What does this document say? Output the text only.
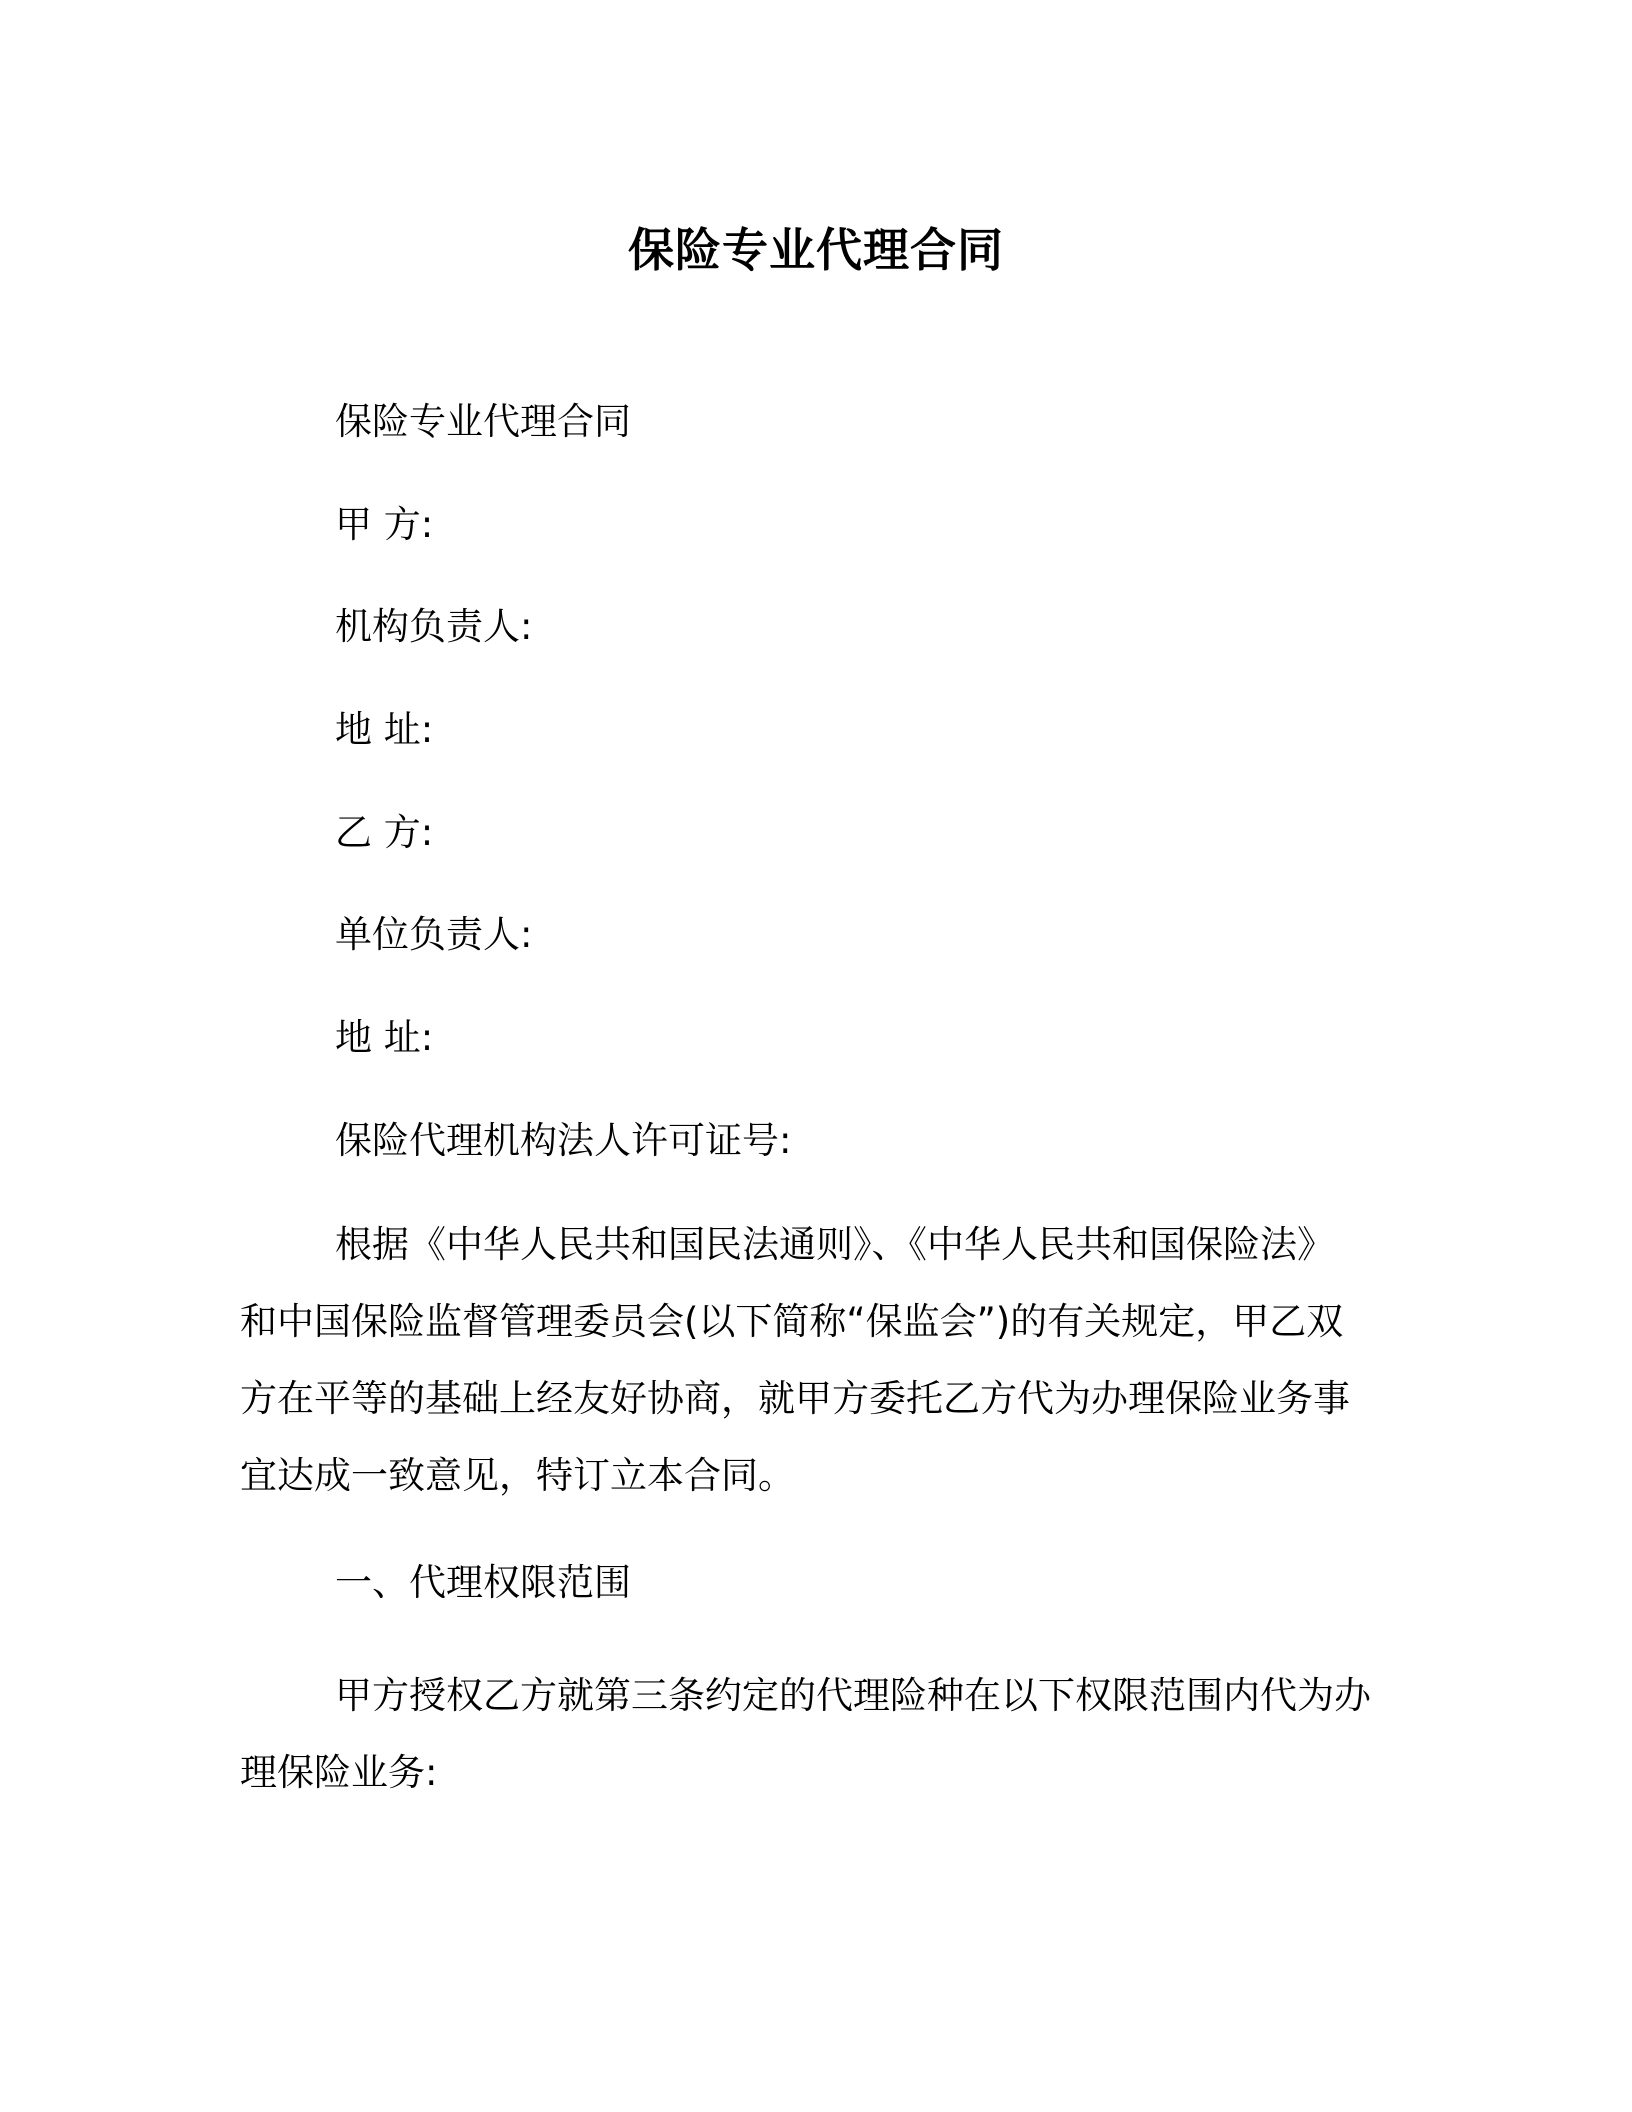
保险专业代理合同
保险专业代理合同
甲 方:
机构负责人:
地 址:
乙 方:
单位负责人:
地 址:
保险代理机构法人许可证号:
根据《中华人民共和国民法通则》、《中华人民共和国保险法》
和中国保险监督管理委员会(以下简称“保监会”)的有关规定，甲乙双
方在平等的基础上经友好协商，就甲方委托乙方代为办理保险业务事
宜达成一致意见，特订立本合同。
一、代理权限范围
甲方授权乙方就第三条约定的代理险种在以下权限范围内代为办
理保险业务:
